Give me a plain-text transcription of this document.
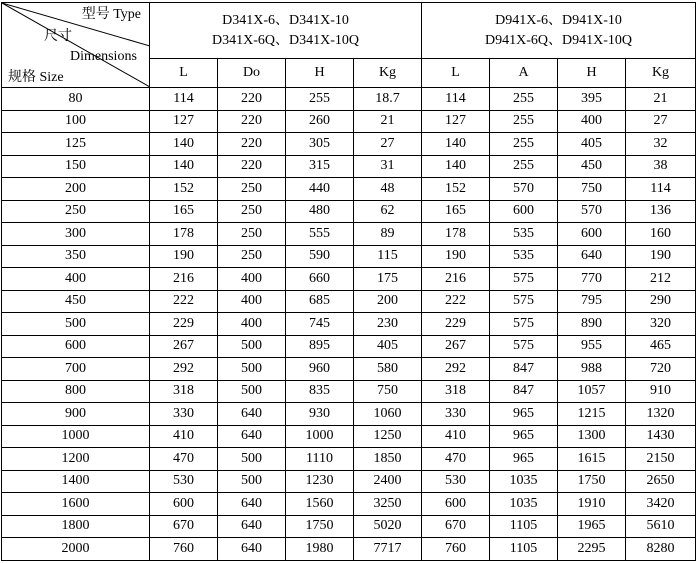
型号 Type
尺寸
Dimensions
规格 Size	D341X-6、D341X-10
D341X-6Q、D341X-10Q				D941X-6、D941X-10
D941X-6Q、D941X-10Q			

	L	Do	H	Kg	L	A	H	Kg
80	114	220	255	18.7	114	255	395	21
100	127	220	260	21	127	255	400	27
125	140	220	305	27	140	255	405	32
150	140	220	315	31	140	255	450	38
200	152	250	440	48	152	570	750	114
250	165	250	480	62	165	600	570	136
300	178	250	555	89	178	535	600	160
350	190	250	590	115	190	535	640	190
400	216	400	660	175	216	575	770	212
450	222	400	685	200	222	575	795	290
500	229	400	745	230	229	575	890	320
600	267	500	895	405	267	575	955	465
700	292	500	960	580	292	847	988	720
800	318	500	835	750	318	847	1057	910
900	330	640	930	1060	330	965	1215	1320
1000	410	640	1000	1250	410	965	1300	1430
1200	470	500	1110	1850	470	965	1615	2150
1400	530	500	1230	2400	530	1035	1750	2650
1600	600	640	1560	3250	600	1035	1910	3420
1800	670	640	1750	5020	670	1105	1965	5610
2000	760	640	1980	7717	760	1105	2295	8280
